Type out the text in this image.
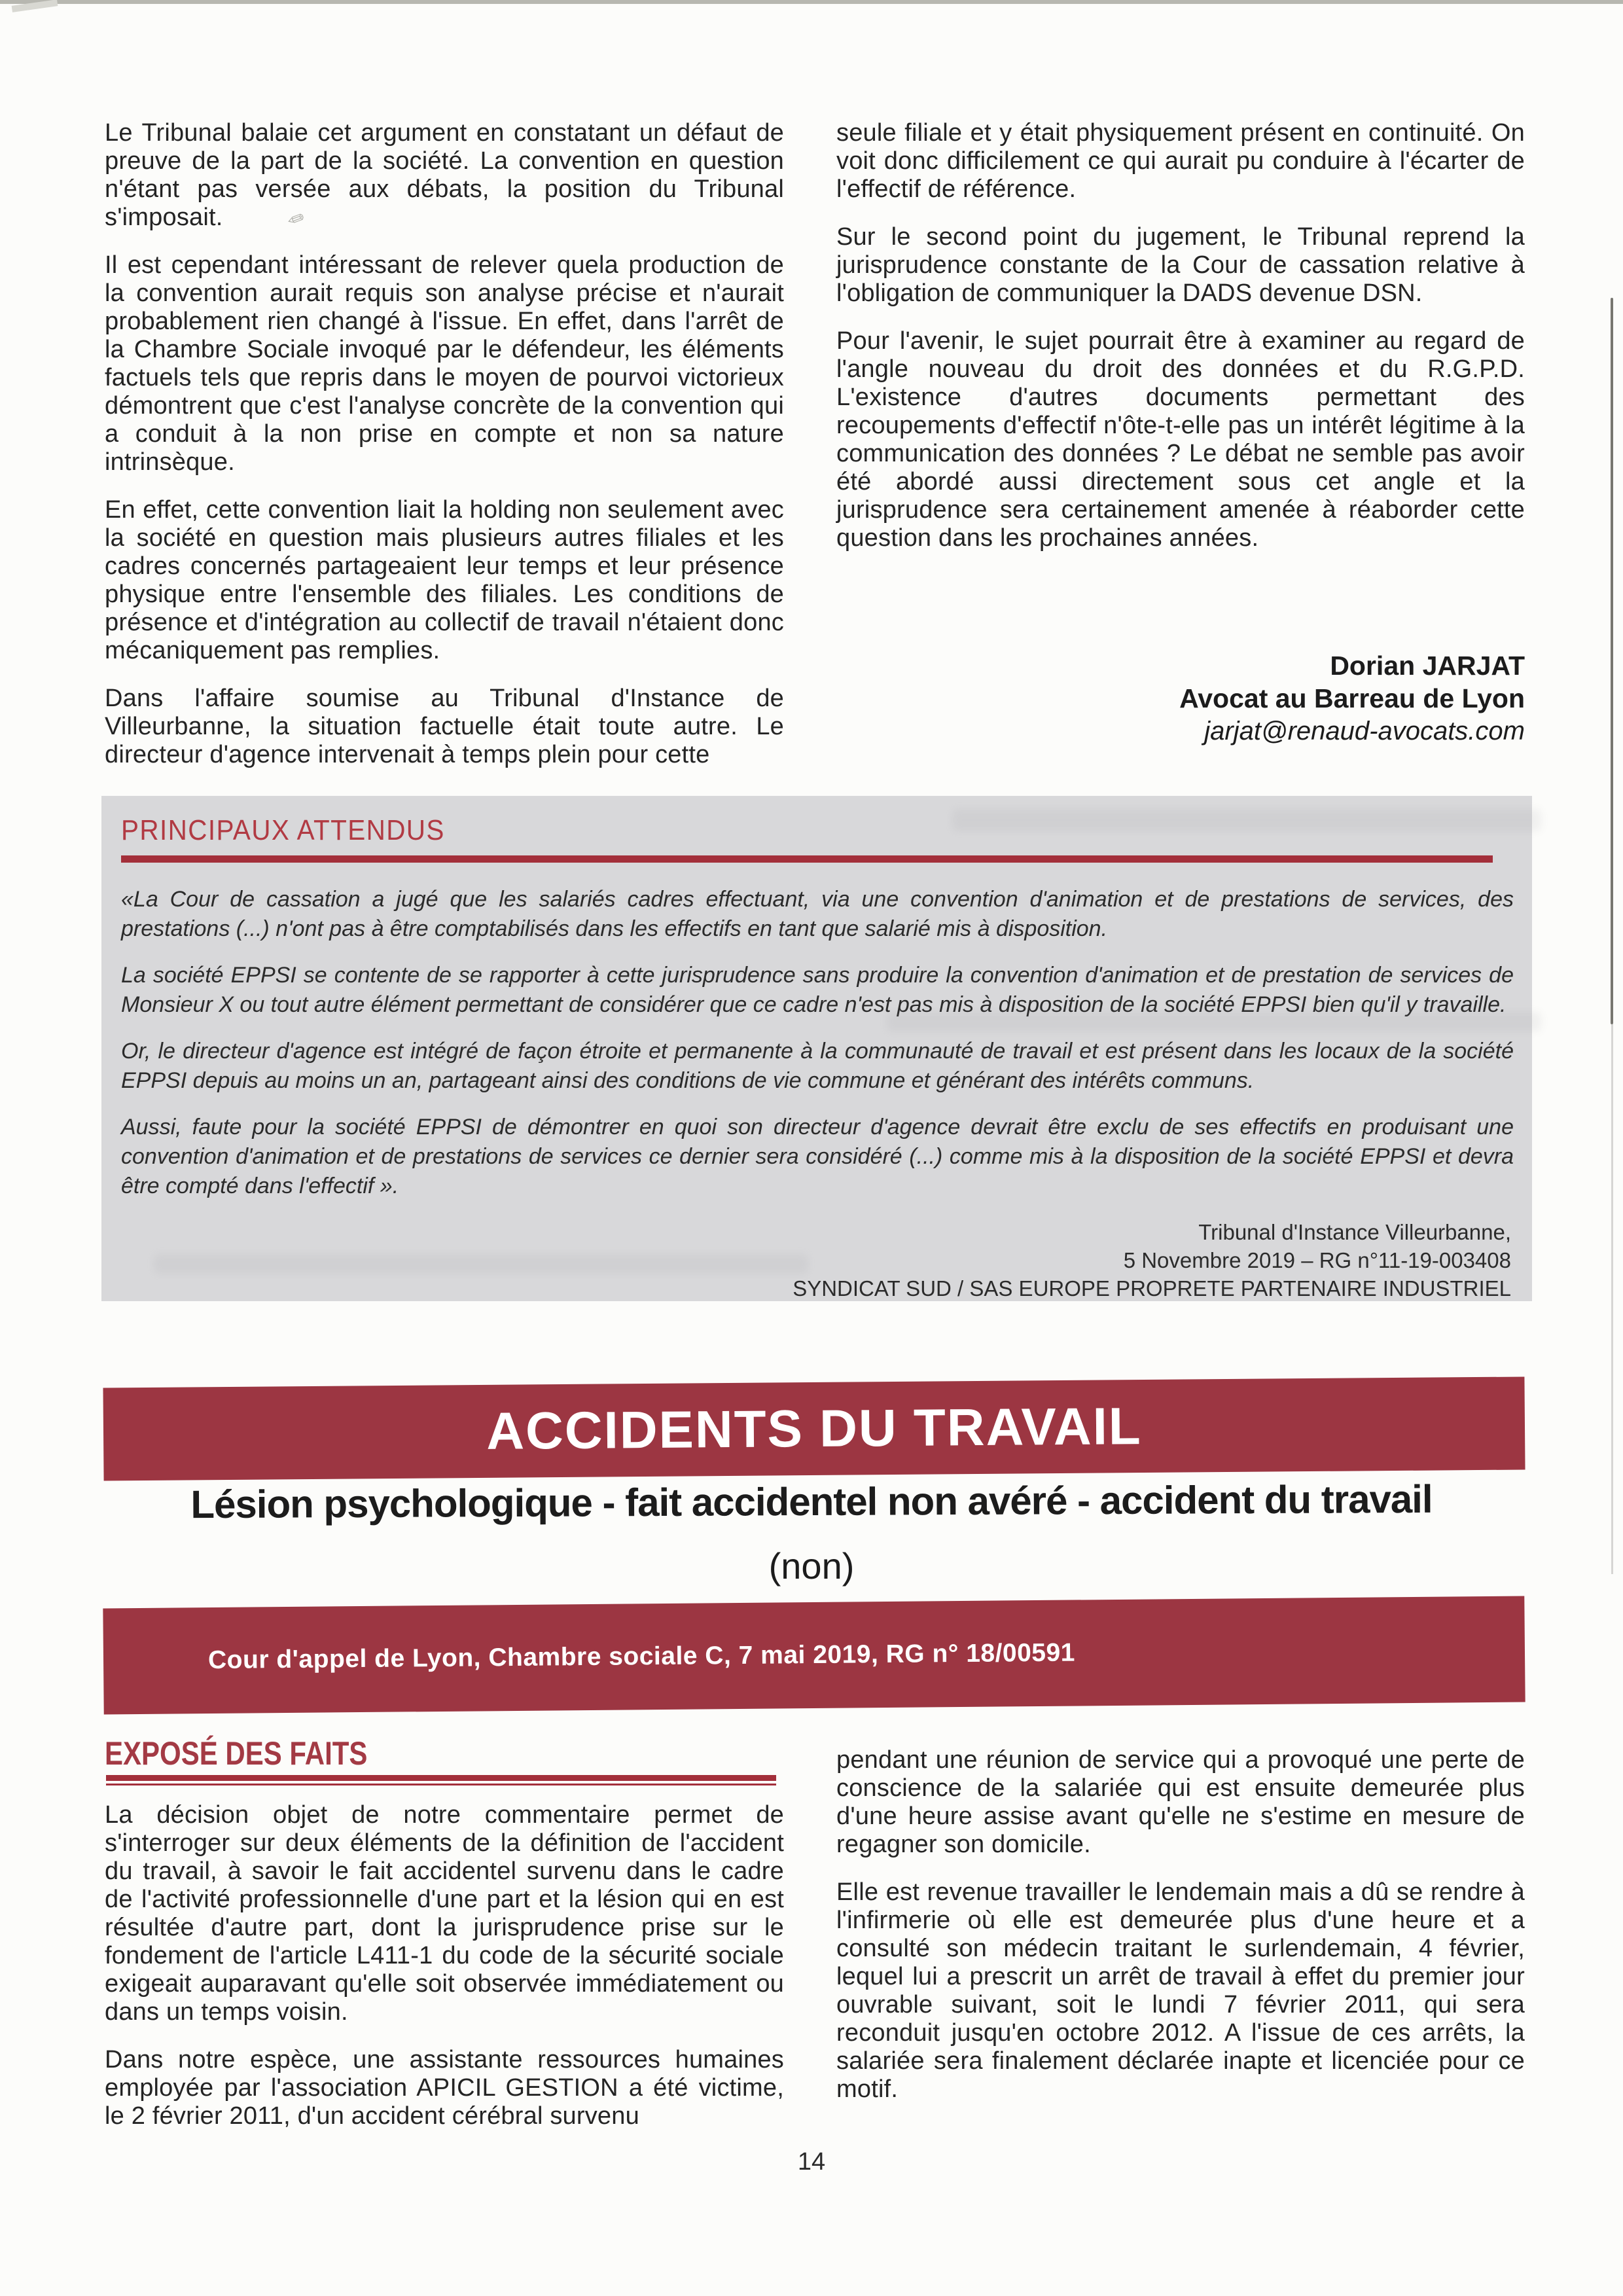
✎

Le Tribunal balaie cet argument en constatant un défaut de preuve de la part de la société. La convention en question n'étant pas versée aux débats, la position du Tribunal s'imposait.

Il est cependant intéressant de relever quela production de la convention aurait requis son analyse précise et n'aurait probablement rien changé à l'issue. En effet, dans l'arrêt de la Chambre Sociale invoqué par le défendeur, les éléments factuels tels que repris dans le moyen de pourvoi victorieux démontrent que c'est l'analyse concrète de la convention qui a conduit à la non prise en compte et non sa nature intrinsèque.

En effet, cette convention liait la holding non seulement avec la société en question mais plusieurs autres filiales et les cadres concernés partageaient leur temps et leur présence physique entre l'ensemble des filiales. Les conditions de présence et d'intégration au collectif de travail n'étaient donc mécaniquement pas remplies.

Dans l'affaire soumise au Tribunal d'Instance de Villeurbanne, la situation factuelle était toute autre. Le directeur d'agence intervenait à temps plein pour cette

seule filiale et y était physiquement présent en continuité. On voit donc difficilement ce qui aurait pu conduire à l'écarter de l'effectif de référence.

Sur le second point du jugement, le Tribunal reprend la jurisprudence constante de la Cour de cassation relative à l'obligation de communiquer la DADS devenue DSN.

Pour l'avenir, le sujet pourrait être à examiner au regard de l'angle nouveau du droit des données et du R.G.P.D. L'existence d'autres documents permettant des recoupements d'effectif n'ôte-t-elle pas un intérêt légitime à la communication des données ? Le débat ne semble pas avoir été abordé aussi directement sous cet angle et la jurisprudence sera certainement amenée à réaborder cette question dans les prochaines années.

Dorian JARJAT
Avocat au Barreau de Lyon
jarjat@renaud-avocats.com
PRINCIPAUX ATTENDUS

«La Cour de cassation a jugé que les salariés cadres effectuant, via une convention d'animation et de prestations de services, des prestations (...) n'ont pas à être comptabilisés dans les effectifs en tant que salarié mis à disposition.

La société EPPSI se contente de se rapporter à cette jurisprudence sans produire la convention d'animation et de prestation de services de Monsieur X ou tout autre élément permettant de considérer que ce cadre n'est pas mis à disposition de la société EPPSI bien qu'il y travaille.

Or, le directeur d'agence est intégré de façon étroite et permanente à la communauté de travail et est présent dans les locaux de la société EPPSI depuis au moins un an, partageant ainsi des conditions de vie commune et générant des intérêts communs.

Aussi, faute pour la société EPPSI de démontrer en quoi son directeur d'agence devrait être exclu de ses effectifs en produisant une convention d'animation et de prestations de services ce dernier sera considéré (...) comme mis à la disposition de la société EPPSI et devra être compté dans l'effectif ».

Tribunal d'Instance Villeurbanne,
5 Novembre 2019 – RG n°11-19-003408
SYNDICAT SUD / SAS EUROPE PROPRETE PARTENAIRE INDUSTRIEL
ACCIDENTS DU TRAVAIL
Lésion psychologique - fait accidentel non avéré - accident du travail
(non)
Cour d'appel de Lyon, Chambre sociale C, 7 mai 2019, RG n° 18/00591
EXPOSÉ DES FAITS

La décision objet de notre commentaire permet de s'interroger sur deux éléments de la définition de l'accident du travail, à savoir le fait accidentel survenu dans le cadre de l'activité professionnelle d'une part et la lésion qui en est résultée d'autre part, dont la jurisprudence prise sur le fondement de l'article L411-1 du code de la sécurité sociale exigeait auparavant qu'elle soit observée immédiatement ou dans un temps voisin.

Dans notre espèce, une assistante ressources humaines employée par l'association APICIL GESTION a été victime, le 2 février 2011, d'un accident cérébral survenu

pendant une réunion de service qui a provoqué une perte de conscience de la salariée qui est ensuite demeurée plus d'une heure assise avant qu'elle ne s'estime en mesure de regagner son domicile.

Elle est revenue travailler le lendemain mais a dû se rendre à l'infirmerie où elle est demeurée plus d'une heure et a consulté son médecin traitant le surlendemain, 4 février, lequel lui a prescrit un arrêt de travail à effet du premier jour ouvrable suivant, soit le lundi 7 février 2011, qui sera reconduit jusqu'en octobre 2012. A l'issue de ces arrêts, la salariée sera finalement déclarée inapte et licenciée pour ce motif.

14
